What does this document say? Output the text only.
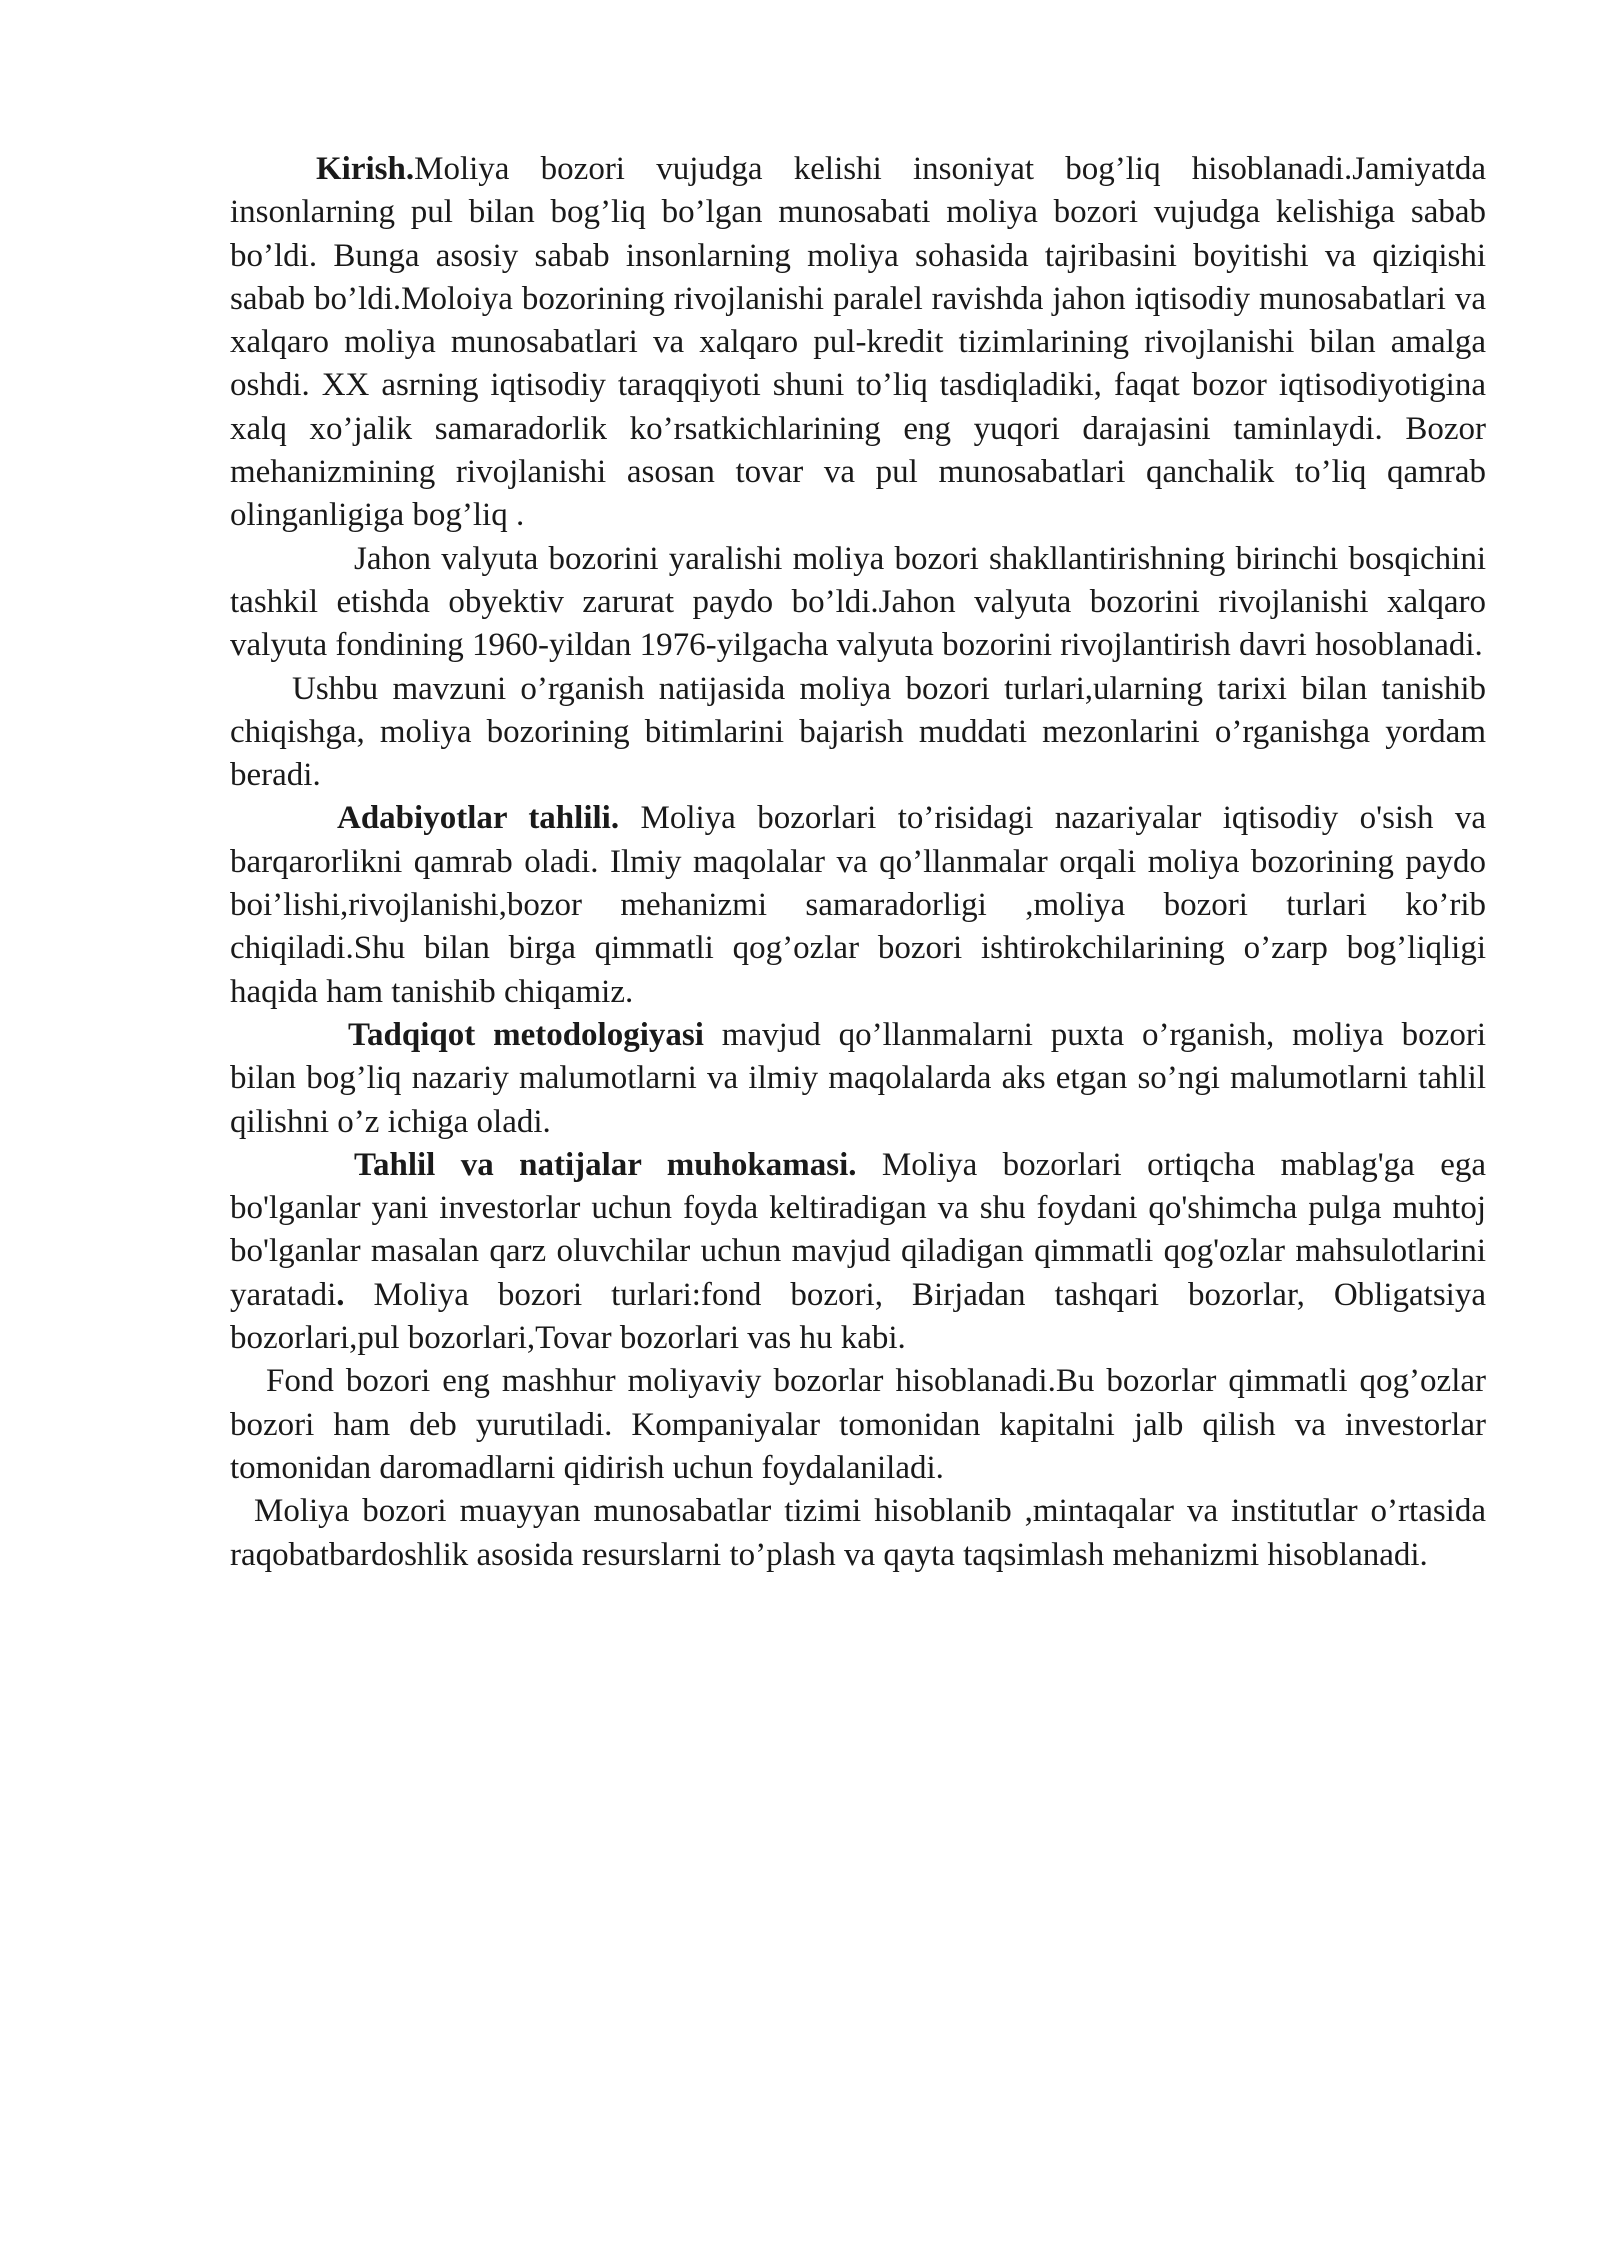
Kirish.Moliya bozori vujudga kelishi insoniyat bog’liq hisoblanadi.Jamiyatda insonlarning pul bilan bog’liq bo’lgan munosabati moliya bozori vujudga kelishiga sabab bo’ldi. Bunga asosiy sabab insonlarning moliya sohasida tajribasini boyitishi va qiziqishi sabab bo’ldi.Moloiya bozorining rivojlanishi paralel ravishda jahon iqtisodiy munosabatlari va xalqaro moliya munosabatlari va xalqaro pul-kredit tizimlarining rivojlanishi bilan amalga oshdi. XX asrning iqtisodiy taraqqiyoti shuni to’liq tasdiqladiki, faqat bozor iqtisodiyotigina xalq xo’jalik samaradorlik ko’rsatkichlarining eng yuqori darajasini taminlaydi. Bozor mehanizmining rivojlanishi asosan tovar va pul munosabatlari qanchalik to’liq qamrab olinganligiga bog’liq .

Jahon valyuta bozorini yaralishi moliya bozori shakllantirishning birinchi bosqichini tashkil etishda obyektiv zarurat paydo bo’ldi.Jahon valyuta bozorini rivojlanishi xalqaro valyuta fondining 1960-yildan 1976-yilgacha valyuta bozorini rivojlantirish davri hosoblanadi.

Ushbu mavzuni o’rganish natijasida moliya bozori turlari,ularning tarixi bilan tanishib chiqishga, moliya bozorining bitimlarini bajarish muddati mezonlarini o’rganishga yordam beradi.

Adabiyotlar tahlili. Moliya bozorlari to’risidagi nazariyalar iqtisodiy o'sish va barqarorlikni qamrab oladi. Ilmiy maqolalar va qo’llanmalar orqali moliya bozorining paydo boi’lishi,rivojlanishi,bozor mehanizmi samaradorligi ,moliya bozori turlari ko’rib chiqiladi.Shu bilan birga qimmatli qog’ozlar bozori ishtirokchilarining o’zarp bog’liqligi haqida ham tanishib chiqamiz.

Tadqiqot metodologiyasi mavjud qo’llanmalarni puxta o’rganish, moliya bozori bilan bog’liq nazariy malumotlarni va ilmiy maqolalarda aks etgan so’ngi malumotlarni tahlil qilishni o’z ichiga oladi.

Tahlil va natijalar muhokamasi. Moliya bozorlari ortiqcha mablag'ga ega bo'lganlar yani investorlar uchun foyda keltiradigan va shu foydani qo'shimcha pulga muhtoj bo'lganlar masalan qarz oluvchilar uchun mavjud qiladigan qimmatli qog'ozlar mahsulotlarini yaratadi. Moliya bozori turlari:fond bozori, Birjadan tashqari bozorlar, Obligatsiya bozorlari,pul bozorlari,Tovar bozorlari vas hu kabi.

Fond bozori eng mashhur moliyaviy bozorlar hisoblanadi.Bu bozorlar qimmatli qog’ozlar bozori ham deb yurutiladi. Kompaniyalar tomonidan kapitalni jalb qilish va investorlar tomonidan daromadlarni qidirish uchun foydalaniladi.

Moliya bozori muayyan munosabatlar tizimi hisoblanib ,mintaqalar va institutlar o’rtasida raqobatbardoshlik asosida resurslarni to’plash va qayta taqsimlash mehanizmi hisoblanadi.
